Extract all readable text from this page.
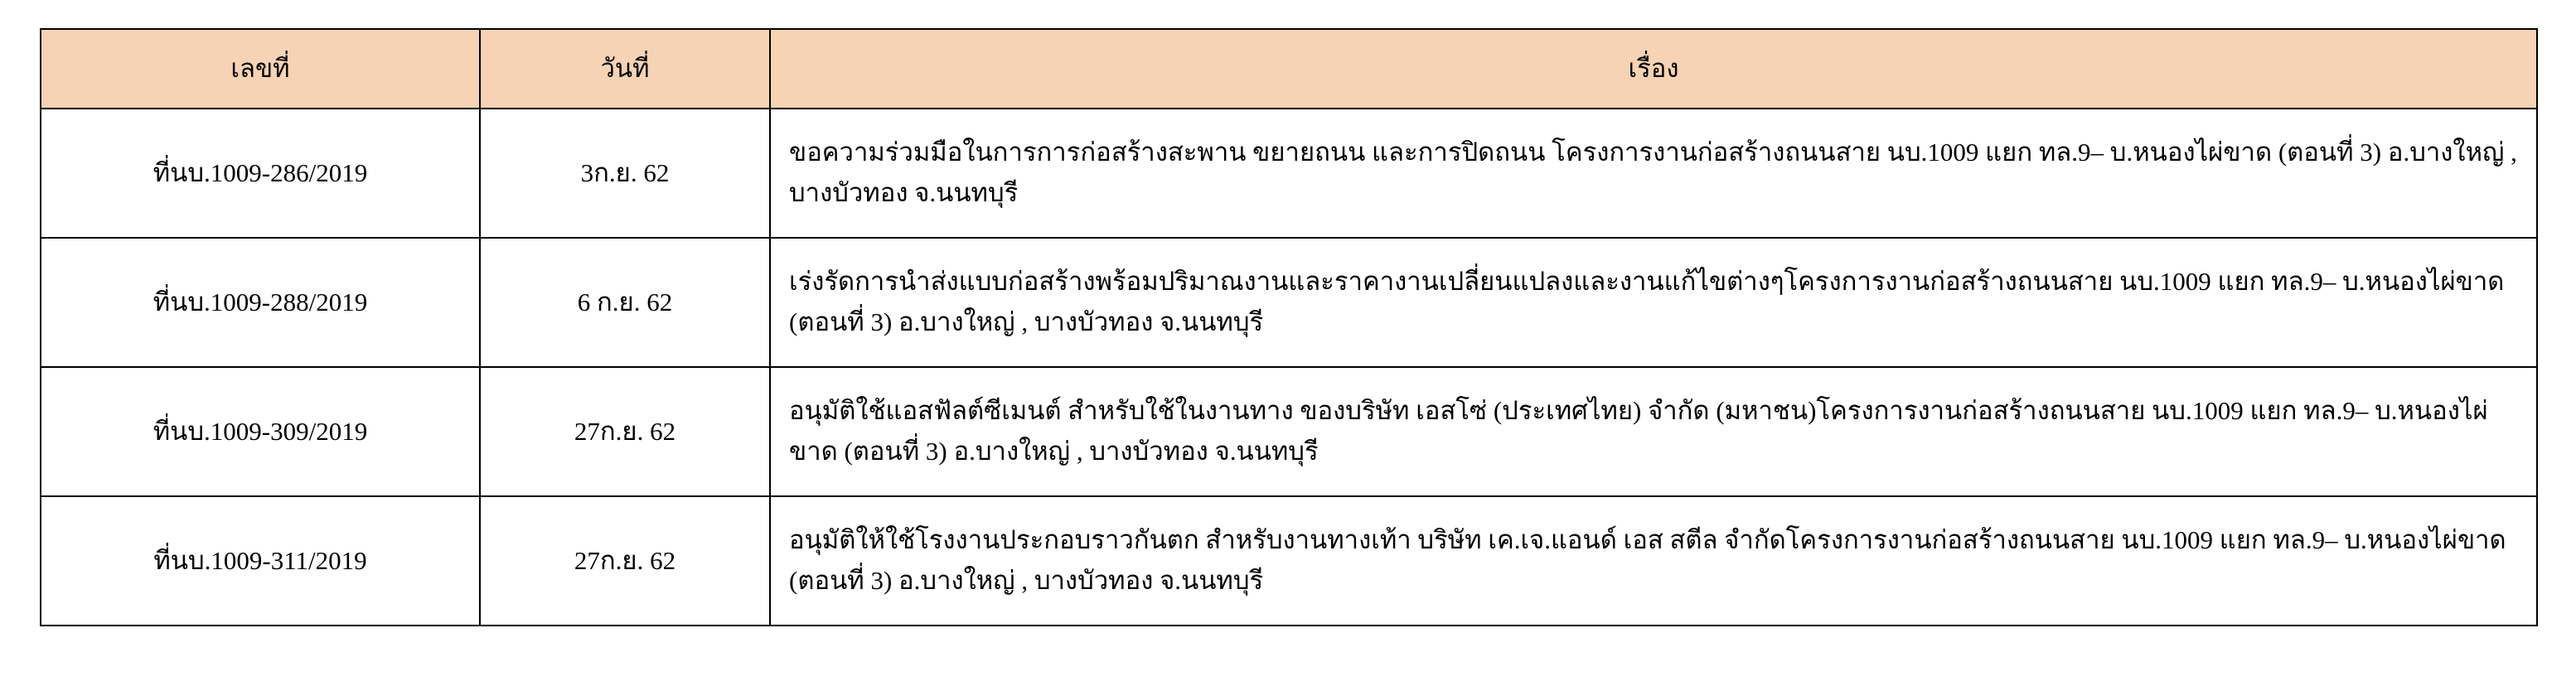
เลขที่	วันที่	เรื่อง
ที่นบ.1009-286/2019	3ก.ย. 62	ขอความร่วมมือในการการก่อสร้างสะพาน ขยายถนน และการปิดถนน โครงการงานก่อสร้างถนนสาย นบ.1009 แยก ทล.9– บ.หนองไผ่ขาด (ตอนที่ 3) อ.บางใหญ่ , บางบัวทอง จ.นนทบุรี
ที่นบ.1009-288/2019	6 ก.ย. 62	เร่งรัดการนำส่งแบบก่อสร้างพร้อมปริมาณงานและราคางานเปลี่ยนแปลงและงานแก้ไขต่างๆโครงการงานก่อสร้างถนนสาย นบ.1009 แยก ทล.9– บ.หนองไผ่ขาด (ตอนที่ 3) อ.บางใหญ่ , บางบัวทอง จ.นนทบุรี
ที่นบ.1009-309/2019	27ก.ย. 62	อนุมัติใช้แอสฟัลต์ซีเมนต์ สำหรับใช้ในงานทาง ของบริษัท เอสโซ่ (ประเทศไทย) จำกัด (มหาชน)โครงการงานก่อสร้างถนนสาย นบ.1009 แยก ทล.9– บ.หนองไผ่ขาด (ตอนที่ 3) อ.บางใหญ่ , บางบัวทอง จ.นนทบุรี
ที่นบ.1009-311/2019	27ก.ย. 62	อนุมัติให้ใช้โรงงานประกอบราวกันตก สำหรับงานทางเท้า บริษัท เค.เจ.แอนด์ เอส สตีล จำกัดโครงการงานก่อสร้างถนนสาย นบ.1009 แยก ทล.9– บ.หนองไผ่ขาด (ตอนที่ 3) อ.บางใหญ่ , บางบัวทอง จ.นนทบุรี
